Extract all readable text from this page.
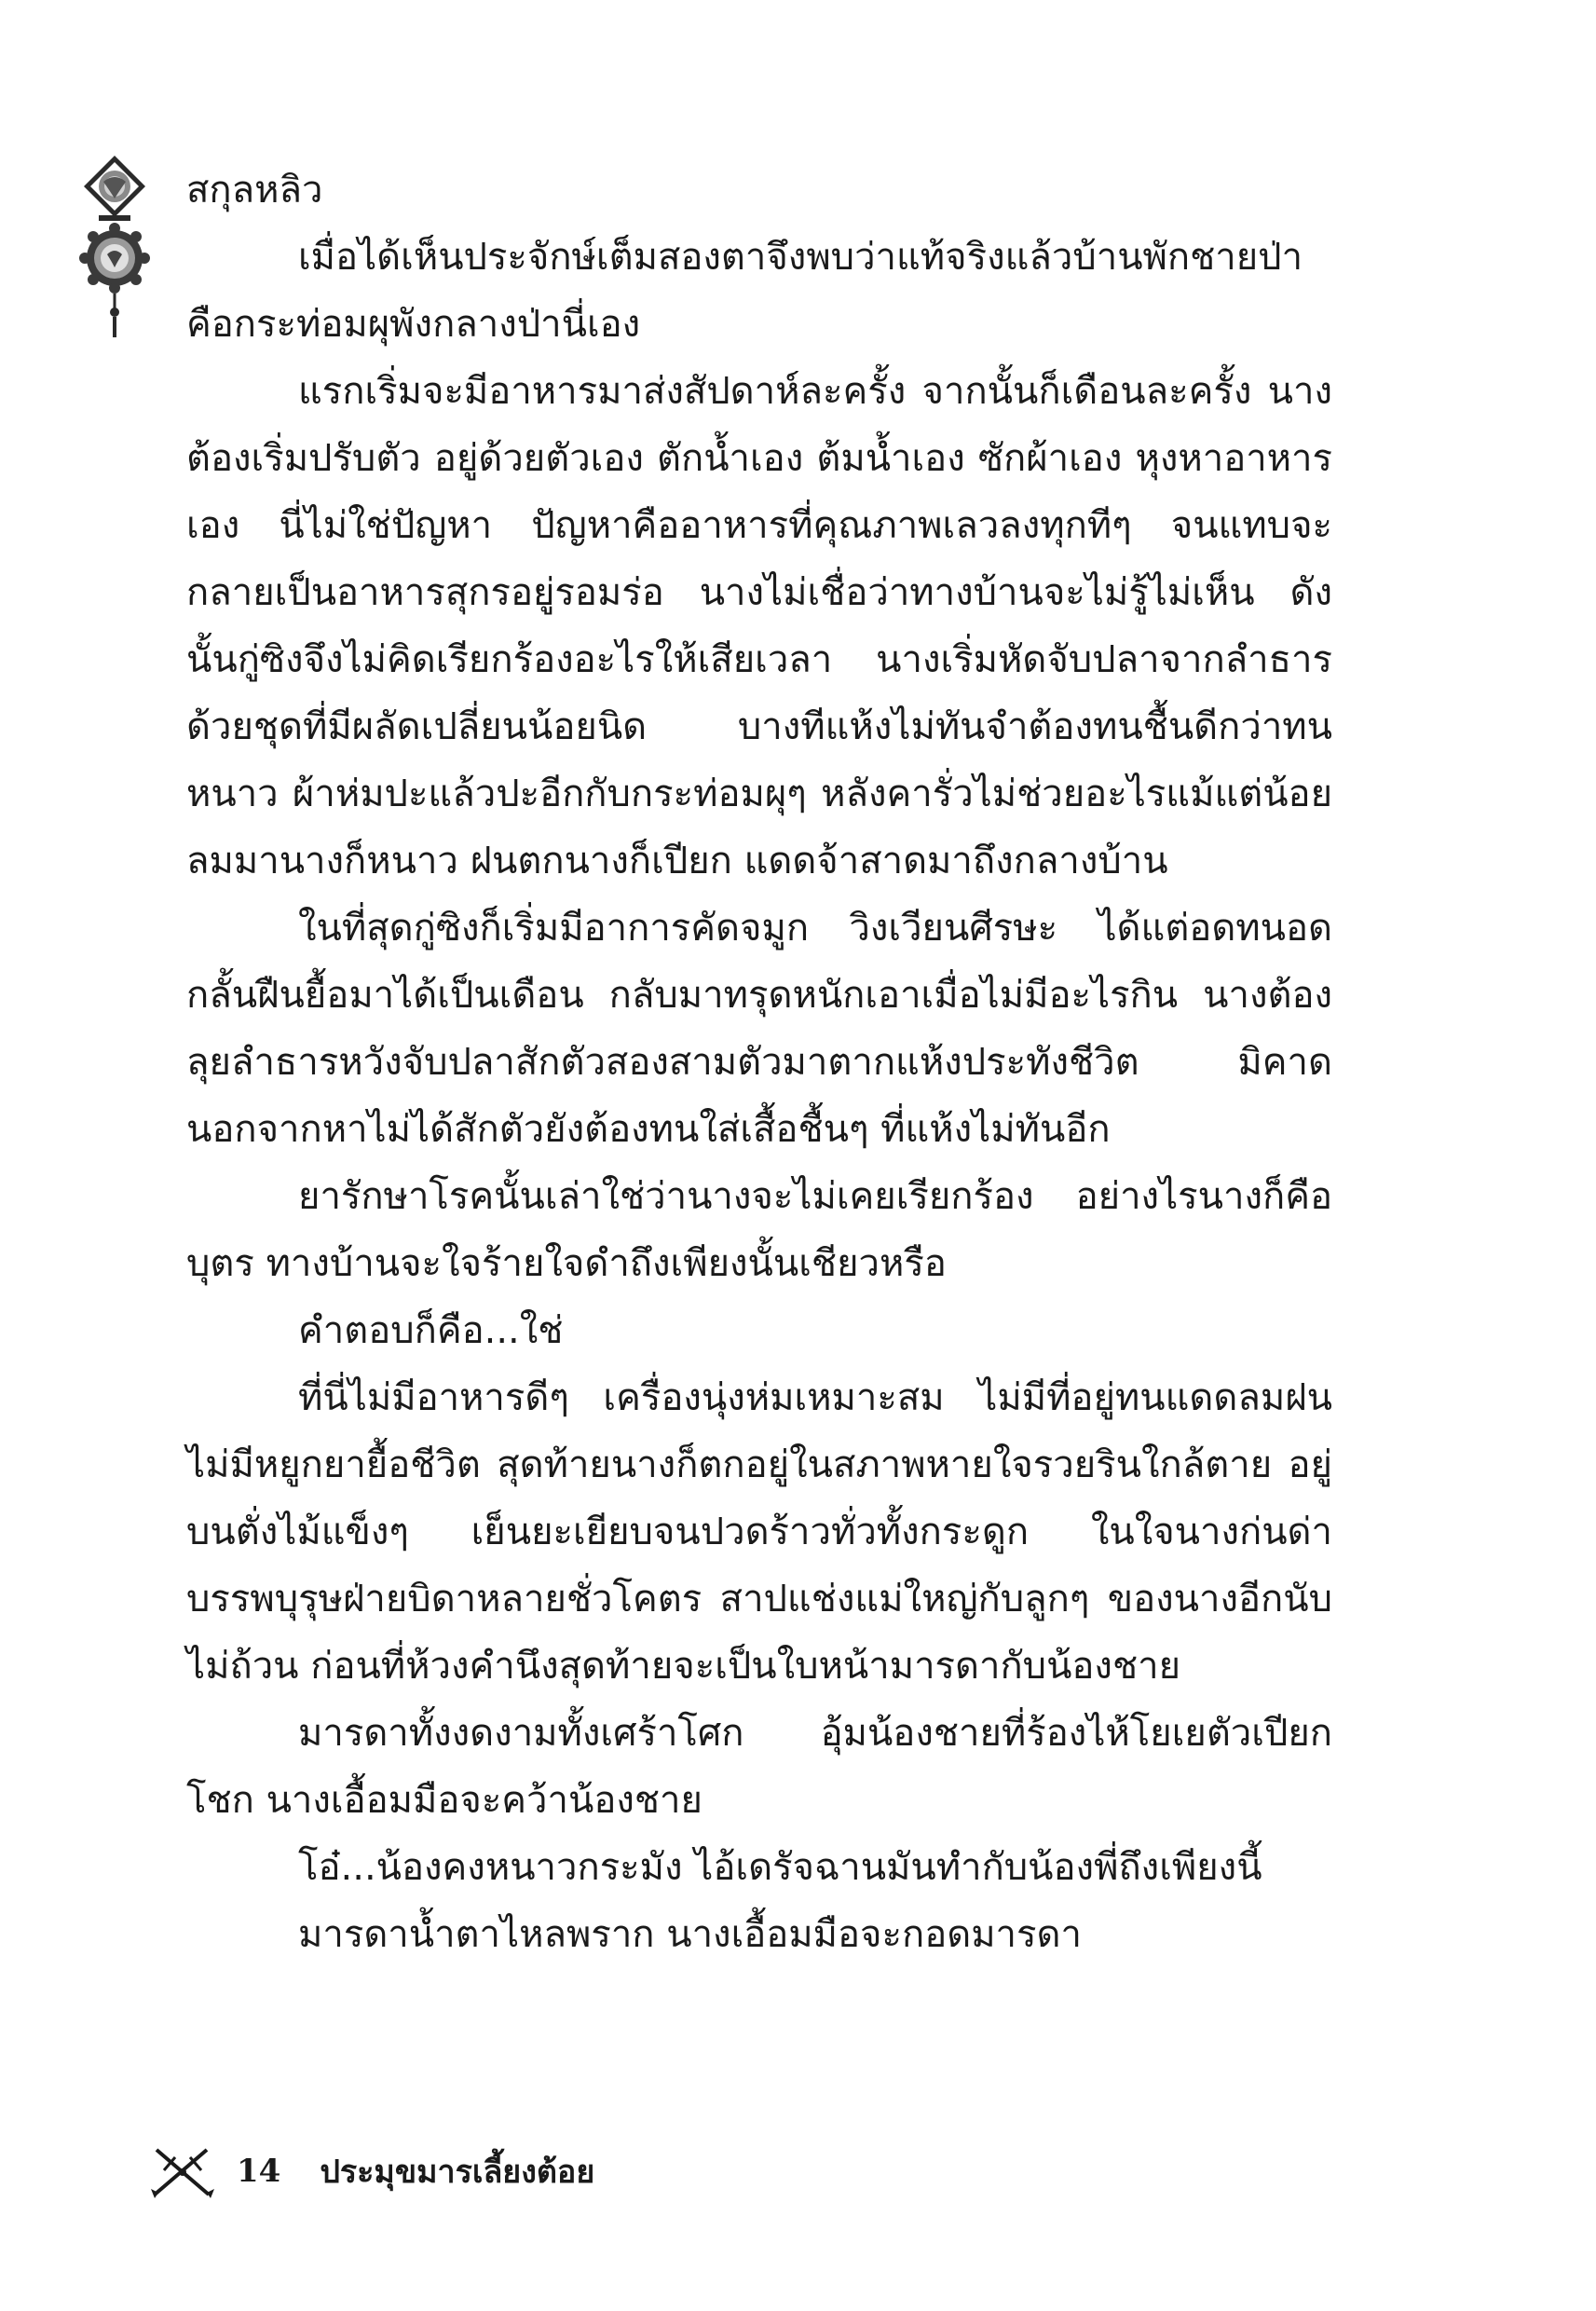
สกุลหลิว

เมื่อได้เห็นประจักษ์เต็มสองตาจึงพบว่าแท้จริงแล้วบ้านพักชายป่าคือกระท่อมผุพังกลางป่านี่เอง

แรกเริ่มจะมีอาหารมาส่งสัปดาห์ละครั้ง จากนั้นก็เดือนละครั้ง นางต้องเริ่มปรับตัว อยู่ด้วยตัวเอง ตักน้ำเอง ต้มน้ำเอง ซักผ้าเอง หุงหาอาหารเอง นี่ไม่ใช่ปัญหา ปัญหาคืออาหารที่คุณภาพเลวลงทุกทีๆ จนแทบจะกลายเป็นอาหารสุกรอยู่รอมร่อ นางไม่เชื่อว่าทางบ้านจะไม่รู้ไม่เห็น ดังนั้นกู่ซิงจึงไม่คิดเรียกร้องอะไรให้เสียเวลา นางเริ่มหัดจับปลาจากลำธารด้วยชุดที่มีผลัดเปลี่ยนน้อยนิด บางทีแห้งไม่ทันจำต้องทนชื้นดีกว่าทนหนาว ผ้าห่มปะแล้วปะอีกกับกระท่อมผุๆ หลังคารั่วไม่ช่วยอะไรแม้แต่น้อย ลมมานางก็หนาว ฝนตกนางก็เปียก แดดจ้าสาดมาถึงกลางบ้าน

ในที่สุดกู่ซิงก็เริ่มมีอาการคัดจมูก วิงเวียนศีรษะ ได้แต่อดทนอดกลั้นฝืนยื้อมาได้เป็นเดือน กลับมาทรุดหนักเอาเมื่อไม่มีอะไรกิน นางต้องลุยลำธารหวังจับปลาสักตัวสองสามตัวมาตากแห้งประทังชีวิต มิคาดนอกจากหาไม่ได้สักตัวยังต้องทนใส่เสื้อชื้นๆ ที่แห้งไม่ทันอีก

ยารักษาโรคนั้นเล่าใช่ว่านางจะไม่เคยเรียกร้อง อย่างไรนางก็คือบุตร ทางบ้านจะใจร้ายใจดำถึงเพียงนั้นเชียวหรือ

คำตอบก็คือ...ใช่

ที่นี่ไม่มีอาหารดีๆ เครื่องนุ่งห่มเหมาะสม ไม่มีที่อยู่ทนแดดลมฝน ไม่มีหยูกยายื้อชีวิต สุดท้ายนางก็ตกอยู่ในสภาพหายใจรวยรินใกล้ตาย อยู่บนตั่งไม้แข็งๆ เย็นยะเยียบจนปวดร้าวทั่วทั้งกระดูก ในใจนางก่นด่าบรรพบุรุษฝ่ายบิดาหลายชั่วโคตร สาปแช่งแม่ใหญ่กับลูกๆ ของนางอีกนับไม่ถ้วน ก่อนที่ห้วงคำนึงสุดท้ายจะเป็นใบหน้ามารดากับน้องชาย

มารดาทั้งงดงามทั้งเศร้าโศก อุ้มน้องชายที่ร้องไห้โยเยตัวเปียกโชก นางเอื้อมมือจะคว้าน้องชาย

โอ๋...น้องคงหนาวกระมัง ไอ้เดรัจฉานมันทำกับน้องพี่ถึงเพียงนี้

มารดาน้ำตาไหลพราก นางเอื้อมมือจะกอดมารดา

14 ประมุขมารเลี้ยงต้อย
